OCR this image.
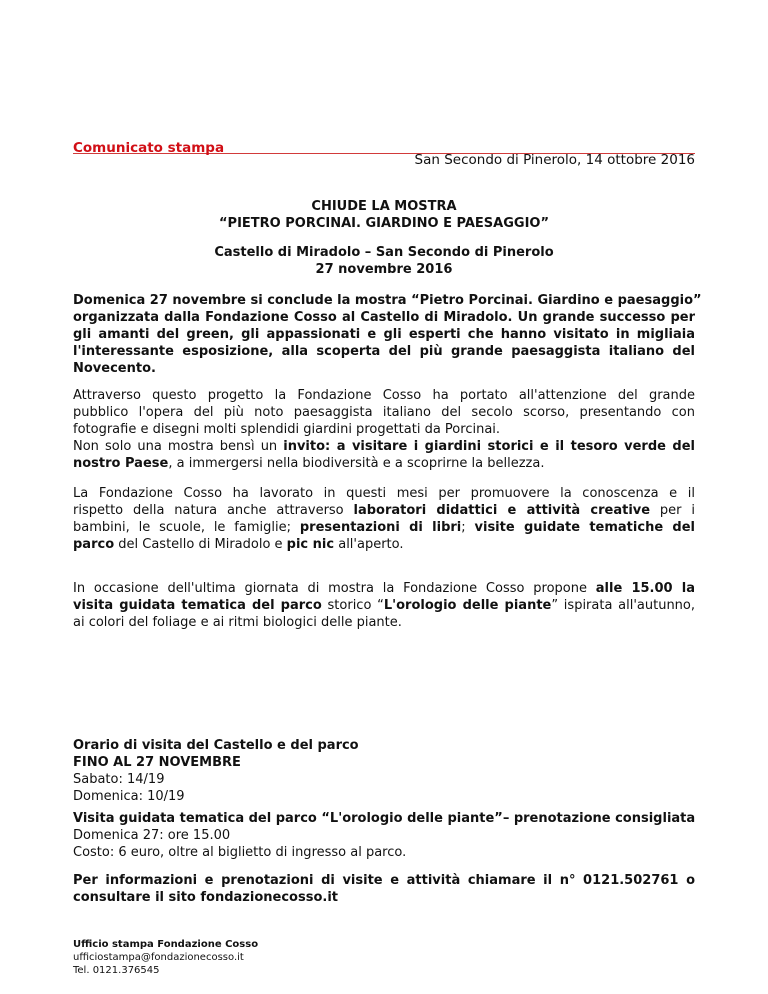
Comunicato stampa
San Secondo di Pinerolo, 14 ottobre 2016
CHIUDE LA MOSTRA
“PIETRO PORCINAI. GIARDINO E PAESAGGIO”
Castello di Miradolo – San Secondo di Pinerolo
27 novembre 2016
Domenica 27 novembre si conclude la mostra “Pietro Porcinai. Giardino e paesaggio”
organizzata dalla Fondazione Cosso al Castello di Miradolo. Un grande successo per
gli amanti del green, gli appassionati e gli esperti che hanno visitato in migliaia
l'interessante esposizione, alla scoperta del più grande paesaggista italiano del
Novecento.
Attraverso questo progetto la Fondazione Cosso ha portato all'attenzione del grande
pubblico l'opera del più noto paesaggista italiano del secolo scorso, presentando con
fotografie e disegni molti splendidi giardini progettati da Porcinai.
Non solo una mostra bensì un invito: a visitare i giardini storici e il tesoro verde del
nostro Paese, a immergersi nella biodiversità e a scoprirne la bellezza.
La Fondazione Cosso ha lavorato in questi mesi per promuovere la conoscenza e il
rispetto della natura anche attraverso laboratori didattici e attività creative per i
bambini, le scuole, le famiglie; presentazioni di libri; visite guidate tematiche del
parco del Castello di Miradolo e pic nic all'aperto.
In occasione dell'ultima giornata di mostra la Fondazione Cosso propone alle 15.00 la
visita guidata tematica del parco storico “L'orologio delle piante” ispirata all'autunno,
ai colori del foliage e ai ritmi biologici delle piante.
Orario di visita del Castello e del parco
FINO AL 27 NOVEMBRE
Sabato: 14/19
Domenica: 10/19
Visita guidata tematica del parco “L'orologio delle piante”– prenotazione consigliata
Domenica 27: ore 15.00
Costo: 6 euro, oltre al biglietto di ingresso al parco.
Per informazioni e prenotazioni di visite e attività chiamare il n° 0121.502761 o
consultare il sito fondazionecosso.it
Ufficio stampa Fondazione Cosso
ufficiostampa@fondazionecosso.it
Tel. 0121.376545
